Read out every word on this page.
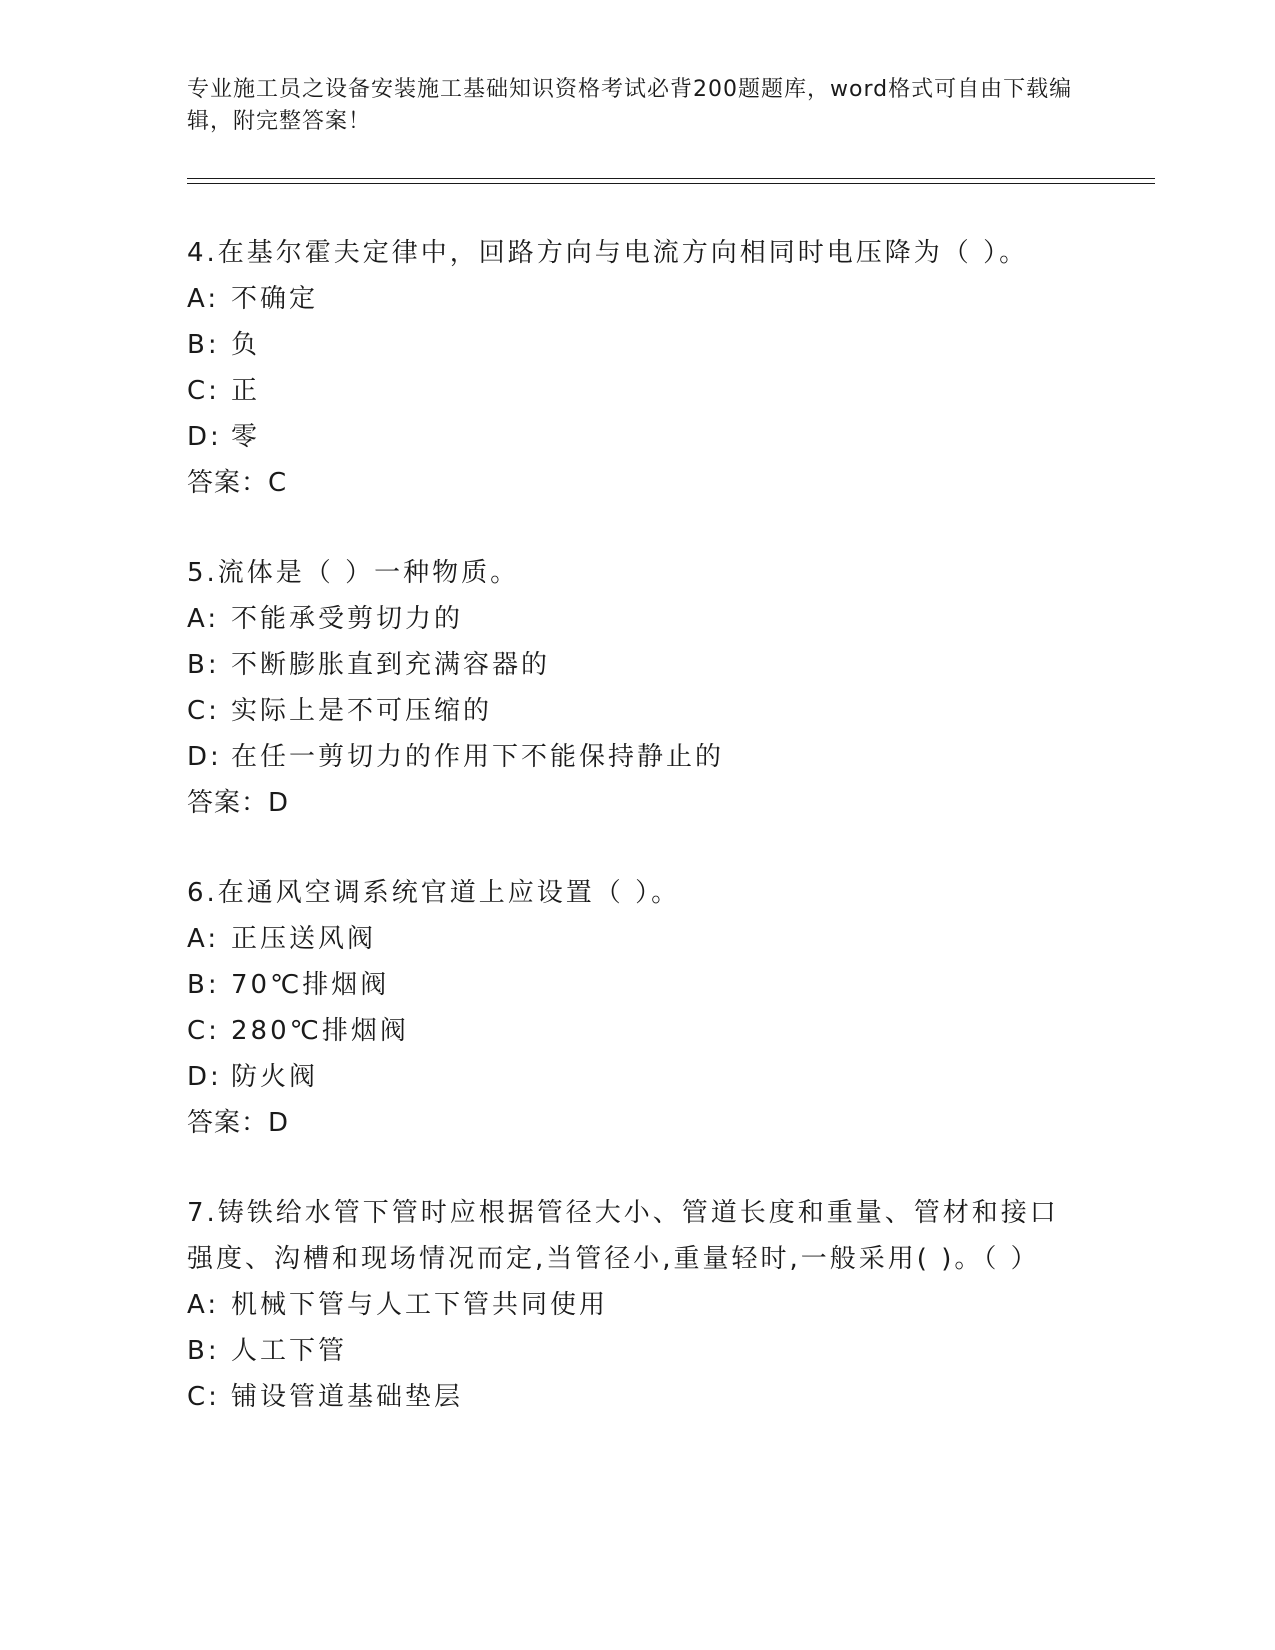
专业施工员之设备安装施工基础知识资格考试必背200题题库，word格式可自由下载编辑，附完整答案！
4.在基尔霍夫定律中，回路方向与电流方向相同时电压降为（ ）。
A: 不确定
B: 负
C: 正
D: 零
答案：C
5.流体是（ ）一种物质。
A: 不能承受剪切力的
B: 不断膨胀直到充满容器的
C: 实际上是不可压缩的
D: 在任一剪切力的作用下不能保持静止的
答案：D
6.在通风空调系统官道上应设置（ ）。
A: 正压送风阀
B: 70℃排烟阀
C: 280℃排烟阀
D: 防火阀
答案：D
7.铸铁给水管下管时应根据管径大小、管道长度和重量、管材和接口强度、沟槽和现场情况而定,当管径小,重量轻时,一般采用( )。（ ）
A: 机械下管与人工下管共同使用
B: 人工下管
C: 铺设管道基础垫层
